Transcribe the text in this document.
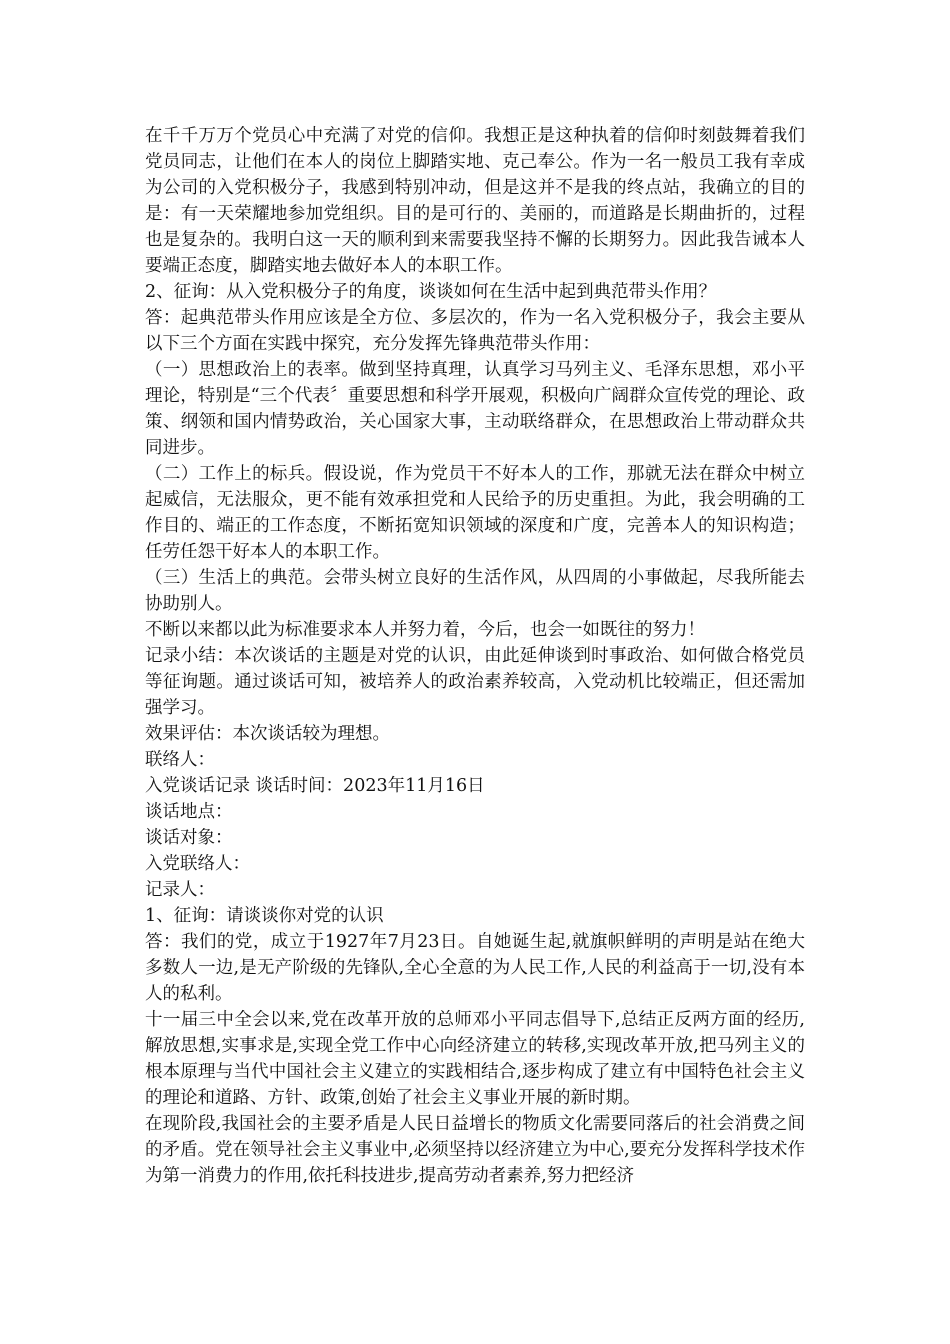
在千千万万个党员心中充满了对党的信仰。我想正是这种执着的信仰时刻鼓舞着我们党员同志，让他们在本人的岗位上脚踏实地、克己奉公。作为一名一般员工我有幸成为公司的入党积极分子，我感到特别冲动，但是这并不是我的终点站，我确立的目的是：有一天荣耀地参加党组织。目的是可行的、美丽的，而道路是长期曲折的，过程也是复杂的。我明白这一天的顺利到来需要我坚持不懈的长期努力。因此我告诫本人要端正态度，脚踏实地去做好本人的本职工作。

2、征询：从入党积极分子的角度，谈谈如何在生活中起到典范带头作用？

答：起典范带头作用应该是全方位、多层次的，作为一名入党积极分子，我会主要从以下三个方面在实践中探究，充分发挥先锋典范带头作用：

（一）思想政治上的表率。做到坚持真理，认真学习马列主义、毛泽东思想，邓小平理论，特别是“三个代表〞重要思想和科学开展观，积极向广阔群众宣传党的理论、政策、纲领和国内情势政治，关心国家大事，主动联络群众，在思想政治上带动群众共同进步。

（二）工作上的标兵。假设说，作为党员干不好本人的工作，那就无法在群众中树立起威信，无法服众，更不能有效承担党和人民给予的历史重担。为此，我会明确的工作目的、端正的工作态度，不断拓宽知识领域的深度和广度，完善本人的知识构造；任劳任怨干好本人的本职工作。

（三）生活上的典范。会带头树立良好的生活作风，从四周的小事做起，尽我所能去协助别人。

不断以来都以此为标准要求本人并努力着，今后，也会一如既往的努力！

记录小结：本次谈话的主题是对党的认识，由此延伸谈到时事政治、如何做合格党员等征询题。通过谈话可知，被培养人的政治素养较高，入党动机比较端正，但还需加强学习。

效果评估：本次谈话较为理想。

联络人：

入党谈话记录 谈话时间：2023年11月16日

谈话地点：

谈话对象：

入党联络人：

记录人：

1、征询：请谈谈你对党的认识

答：我们的党，成立于1927年7月23日。自她诞生起,就旗帜鲜明的声明是站在绝大多数人一边,是无产阶级的先锋队,全心全意的为人民工作,人民的利益高于一切,没有本人的私利。

十一届三中全会以来,党在改革开放的总师邓小平同志倡导下,总结正反两方面的经历,解放思想,实事求是,实现全党工作中心向经济建立的转移,实现改革开放,把马列主义的根本原理与当代中国社会主义建立的实践相结合,逐步构成了建立有中国特色社会主义的理论和道路、方针、政策,创始了社会主义事业开展的新时期。

在现阶段,我国社会的主要矛盾是人民日益增长的物质文化需要同落后的社会消费之间的矛盾。党在领导社会主义事业中,必须坚持以经济建立为中心,要充分发挥科学技术作为第一消费力的作用,依托科技进步,提高劳动者素养,努力把经济
